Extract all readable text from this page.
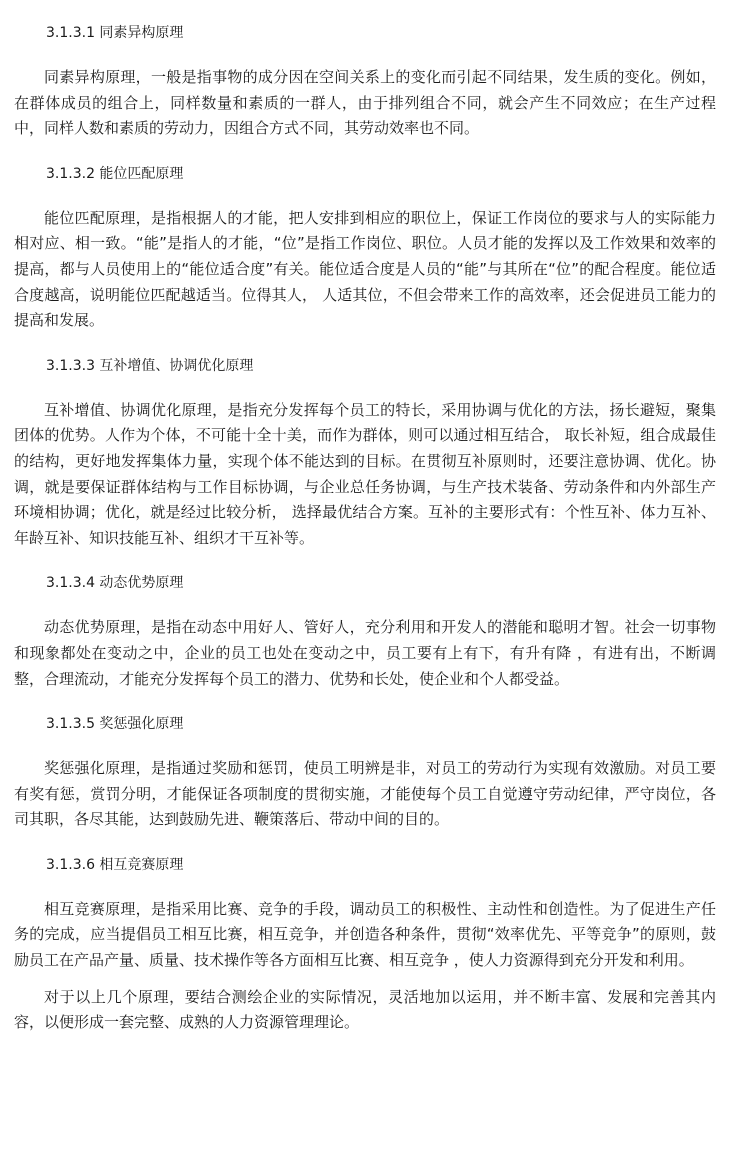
3.1.3.1 同素异构原理

同素异构原理，一般是指事物的成分因在空间关系上的变化而引起不同结果，发生质的变化。例如，在群体成员的组合上，同样数量和素质的一群人，由于排列组合不同，就会产生不同效应；在生产过程中，同样人数和素质的劳动力，因组合方式不同，其劳动效率也不同。

3.1.3.2 能位匹配原理

能位匹配原理，是指根据人的才能，把人安排到相应的职位上，保证工作岗位的要求与人的实际能力相对应、相一致。“能”是指人的才能，“位”是指工作岗位、职位。人员才能的发挥以及工作效果和效率的提高，都与人员使用上的“能位适合度”有关。能位适合度是人员的“能”与其所在“位”的配合程度。能位适合度越高，说明能位匹配越适当。位得其人， 人适其位，不但会带来工作的高效率，还会促进员工能力的提高和发展。

3.1.3.3 互补增值、协调优化原理

互补增值、协调优化原理，是指充分发挥每个员工的特长，采用协调与优化的方法，扬长避短，聚集团体的优势。人作为个体，不可能十全十美，而作为群体，则可以通过相互结合， 取长补短，组合成最佳的结构，更好地发挥集体力量，实现个体不能达到的目标。在贯彻互补原则时，还要注意协调、优化。协调，就是要保证群体结构与工作目标协调，与企业总任务协调，与生产技术装备、劳动条件和内外部生产环境相协调；优化，就是经过比较分析， 选择最优结合方案。互补的主要形式有：个性互补、体力互补、年龄互补、知识技能互补、组织才干互补等。

3.1.3.4 动态优势原理

动态优势原理，是指在动态中用好人、管好人，充分利用和开发人的潜能和聪明才智。社会一切事物和现象都处在变动之中，企业的员工也处在变动之中，员工要有上有下，有升有降 ，有进有出，不断调整，合理流动，才能充分发挥每个员工的潜力、优势和长处，使企业和个人都受益。

3.1.3.5 奖惩强化原理

奖惩强化原理，是指通过奖励和惩罚，使员工明辨是非，对员工的劳动行为实现有效激励。对员工要有奖有惩，赏罚分明，才能保证各项制度的贯彻实施，才能使每个员工自觉遵守劳动纪律，严守岗位，各司其职，各尽其能，达到鼓励先进、鞭策落后、带动中间的目的。

3.1.3.6 相互竞赛原理

相互竞赛原理，是指采用比赛、竞争的手段，调动员工的积极性、主动性和创造性。为了促进生产任务的完成，应当提倡员工相互比赛，相互竞争，并创造各种条件，贯彻“效率优先、平等竞争”的原则，鼓励员工在产品产量、质量、技术操作等各方面相互比赛、相互竞争 ，使人力资源得到充分开发和利用。

对于以上几个原理，要结合测绘企业的实际情况，灵活地加以运用，并不断丰富、发展和完善其内容，以便形成一套完整、成熟的人力资源管理理论。
